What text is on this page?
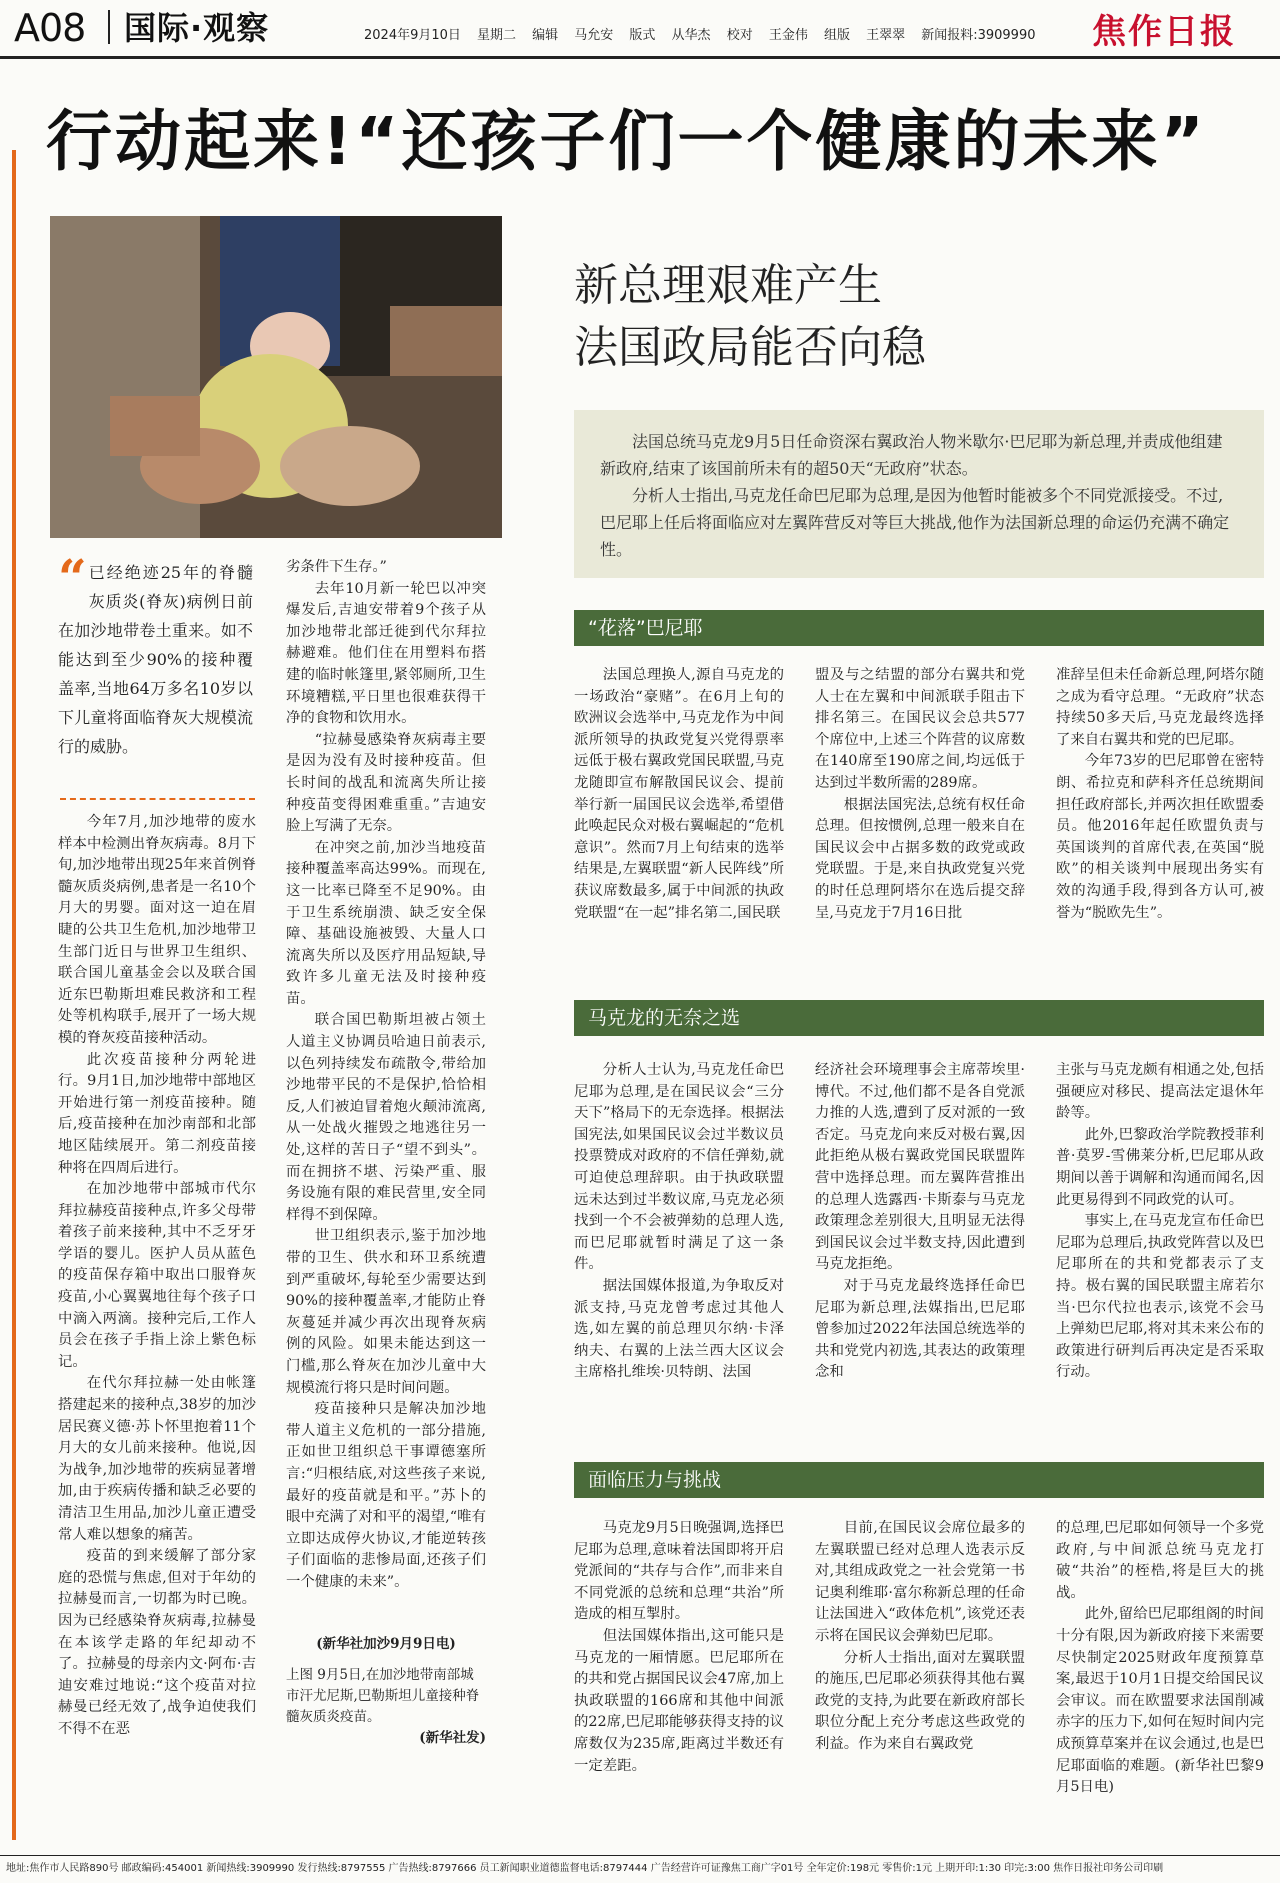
A08 国际·观察	2024年9月10日 星期二 编辑 马允安 版式 从华杰 校对 王金伟 组版 王翠翠 新闻报料:3909990 焦作日报
行动起来!“还孩子们一个健康的未来”
“ 已经绝迹25年的脊髓灰质炎(脊灰)病例日前在加沙地带卷土重来。如不能达到至少90%的接种覆盖率,当地64万多名10岁以下儿童将面临脊灰大规模流行的威胁。

今年7月,加沙地带的废水样本中检测出脊灰病毒。8月下旬,加沙地带出现25年来首例脊髓灰质炎病例,患者是一名10个月大的男婴。面对这一迫在眉睫的公共卫生危机,加沙地带卫生部门近日与世界卫生组织、联合国儿童基金会以及联合国近东巴勒斯坦难民救济和工程处等机构联手,展开了一场大规模的脊灰疫苗接种活动。

此次疫苗接种分两轮进行。9月1日,加沙地带中部地区开始进行第一剂疫苗接种。随后,疫苗接种在加沙南部和北部地区陆续展开。第二剂疫苗接种将在四周后进行。

在加沙地带中部城市代尔拜拉赫疫苗接种点,许多父母带着孩子前来接种,其中不乏牙牙学语的婴儿。医护人员从蓝色的疫苗保存箱中取出口服脊灰疫苗,小心翼翼地往每个孩子口中滴入两滴。接种完后,工作人员会在孩子手指上涂上紫色标记。

在代尔拜拉赫一处由帐篷搭建起来的接种点,38岁的加沙居民赛义德·苏卜怀里抱着11个月大的女儿前来接种。他说,因为战争,加沙地带的疾病显著增加,由于疾病传播和缺乏必要的清洁卫生用品,加沙儿童正遭受常人难以想象的痛苦。

疫苗的到来缓解了部分家庭的恐慌与焦虑,但对于年幼的拉赫曼而言,一切都为时已晚。因为已经感染脊灰病毒,拉赫曼在本该学走路的年纪却动不了。拉赫曼的母亲内文·阿布·吉迪安难过地说:“这个疫苗对拉赫曼已经无效了,战争迫使我们不得不在恶

劣条件下生存。”

去年10月新一轮巴以冲突爆发后,吉迪安带着9个孩子从加沙地带北部迁徙到代尔拜拉赫避难。他们住在用塑料布搭建的临时帐篷里,紧邻厕所,卫生环境糟糕,平日里也很难获得干净的食物和饮用水。

“拉赫曼感染脊灰病毒主要是因为没有及时接种疫苗。但长时间的战乱和流离失所让接种疫苗变得困难重重。”吉迪安脸上写满了无奈。

在冲突之前,加沙当地疫苗接种覆盖率高达99%。而现在,这一比率已降至不足90%。由于卫生系统崩溃、缺乏安全保障、基础设施被毁、大量人口流离失所以及医疗用品短缺,导致许多儿童无法及时接种疫苗。

联合国巴勒斯坦被占领土人道主义协调员哈迪日前表示,以色列持续发布疏散令,带给加沙地带平民的不是保护,恰恰相反,人们被迫冒着炮火颠沛流离,从一处战火摧毁之地逃往另一处,这样的苦日子“望不到头”。而在拥挤不堪、污染严重、服务设施有限的难民营里,安全同样得不到保障。

世卫组织表示,鉴于加沙地带的卫生、供水和环卫系统遭到严重破坏,每轮至少需要达到90%的接种覆盖率,才能防止脊灰蔓延并减少再次出现脊灰病例的风险。如果未能达到这一门槛,那么脊灰在加沙儿童中大规模流行将只是时间问题。

疫苗接种只是解决加沙地带人道主义危机的一部分措施,正如世卫组织总干事谭德塞所言:“归根结底,对这些孩子来说,最好的疫苗就是和平。”苏卜的眼中充满了对和平的渴望,“唯有立即达成停火协议,才能逆转孩子们面临的悲惨局面,还孩子们一个健康的未来”。

(新华社加沙9月9日电)
上图 9月5日,在加沙地带南部城市汗尤尼斯,巴勒斯坦儿童接种脊髓灰质炎疫苗。
(新华社发)
新总理艰难产生
法国政局能否向稳

法国总统马克龙9月5日任命资深右翼政治人物米歇尔·巴尼耶为新总理,并责成他组建新政府,结束了该国前所未有的超50天“无政府”状态。

分析人士指出,马克龙任命巴尼耶为总理,是因为他暂时能被多个不同党派接受。不过,巴尼耶上任后将面临应对左翼阵营反对等巨大挑战,他作为法国新总理的命运仍充满不确定性。

“花落”巴尼耶

法国总理换人,源自马克龙的一场政治“豪赌”。在6月上旬的欧洲议会选举中,马克龙作为中间派所领导的执政党复兴党得票率远低于极右翼政党国民联盟,马克龙随即宣布解散国民议会、提前举行新一届国民议会选举,希望借此唤起民众对极右翼崛起的“危机意识”。然而7月上旬结束的选举结果是,左翼联盟“新人民阵线”所获议席数最多,属于中间派的执政党联盟“在一起”排名第二,国民联

盟及与之结盟的部分右翼共和党人士在左翼和中间派联手阻击下排名第三。在国民议会总共577个席位中,上述三个阵营的议席数在140席至190席之间,均远低于达到过半数所需的289席。

根据法国宪法,总统有权任命总理。但按惯例,总理一般来自在国民议会中占据多数的政党或政党联盟。于是,来自执政党复兴党的时任总理阿塔尔在选后提交辞呈,马克龙于7月16日批

准辞呈但未任命新总理,阿塔尔随之成为看守总理。“无政府”状态持续50多天后,马克龙最终选择了来自右翼共和党的巴尼耶。

今年73岁的巴尼耶曾在密特朗、希拉克和萨科齐任总统期间担任政府部长,并两次担任欧盟委员。他2016年起任欧盟负责与英国谈判的首席代表,在英国“脱欧”的相关谈判中展现出务实有效的沟通手段,得到各方认可,被誉为“脱欧先生”。

马克龙的无奈之选

分析人士认为,马克龙任命巴尼耶为总理,是在国民议会“三分天下”格局下的无奈选择。根据法国宪法,如果国民议会过半数议员投票赞成对政府的不信任弹劾,就可迫使总理辞职。由于执政联盟远未达到过半数议席,马克龙必须找到一个不会被弹劾的总理人选,而巴尼耶就暂时满足了这一条件。

据法国媒体报道,为争取反对派支持,马克龙曾考虑过其他人选,如左翼的前总理贝尔纳·卡泽纳夫、右翼的上法兰西大区议会主席格扎维埃·贝特朗、法国

经济社会环境理事会主席蒂埃里·博代。不过,他们都不是各自党派力推的人选,遭到了反对派的一致否定。马克龙向来反对极右翼,因此拒绝从极右翼政党国民联盟阵营中选择总理。而左翼阵营推出的总理人选露西·卡斯泰与马克龙政策理念差别很大,且明显无法得到国民议会过半数支持,因此遭到马克龙拒绝。

对于马克龙最终选择任命巴尼耶为新总理,法媒指出,巴尼耶曾参加过2022年法国总统选举的共和党党内初选,其表达的政策理念和

主张与马克龙颇有相通之处,包括强硬应对移民、提高法定退休年龄等。

此外,巴黎政治学院教授菲利普·莫罗-雪佛莱分析,巴尼耶从政期间以善于调解和沟通而闻名,因此更易得到不同政党的认可。

事实上,在马克龙宣布任命巴尼耶为总理后,执政党阵营以及巴尼耶所在的共和党都表示了支持。极右翼的国民联盟主席若尔当·巴尔代拉也表示,该党不会马上弹劾巴尼耶,将对其未来公布的政策进行研判后再决定是否采取行动。

面临压力与挑战

马克龙9月5日晚强调,选择巴尼耶为总理,意味着法国即将开启党派间的“共存与合作”,而非来自不同党派的总统和总理“共治”所造成的相互掣肘。

但法国媒体指出,这可能只是马克龙的一厢情愿。巴尼耶所在的共和党占据国民议会47席,加上执政联盟的166席和其他中间派的22席,巴尼耶能够获得支持的议席数仅为235席,距离过半数还有一定差距。

目前,在国民议会席位最多的左翼联盟已经对总理人选表示反对,其组成政党之一社会党第一书记奥利维耶·富尔称新总理的任命让法国进入“政体危机”,该党还表示将在国民议会弹劾巴尼耶。

分析人士指出,面对左翼联盟的施压,巴尼耶必须获得其他右翼政党的支持,为此要在新政府部长职位分配上充分考虑这些政党的利益。作为来自右翼政党

的总理,巴尼耶如何领导一个多党政府,与中间派总统马克龙打破“共治”的桎梏,将是巨大的挑战。

此外,留给巴尼耶组阁的时间十分有限,因为新政府接下来需要尽快制定2025财政年度预算草案,最迟于10月1日提交给国民议会审议。而在欧盟要求法国削减赤字的压力下,如何在短时间内完成预算草案并在议会通过,也是巴尼耶面临的难题。(新华社巴黎9月5日电)

地址:焦作市人民路890号 邮政编码:454001 新闻热线:3909990 发行热线:8797555 广告热线:8797666 员工新闻职业道德监督电话:8797444 广告经营许可证豫焦工商广字01号 全年定价:198元 零售价:1元 上期开印:1:30 印完:3:00 焦作日报社印务公司印刷
